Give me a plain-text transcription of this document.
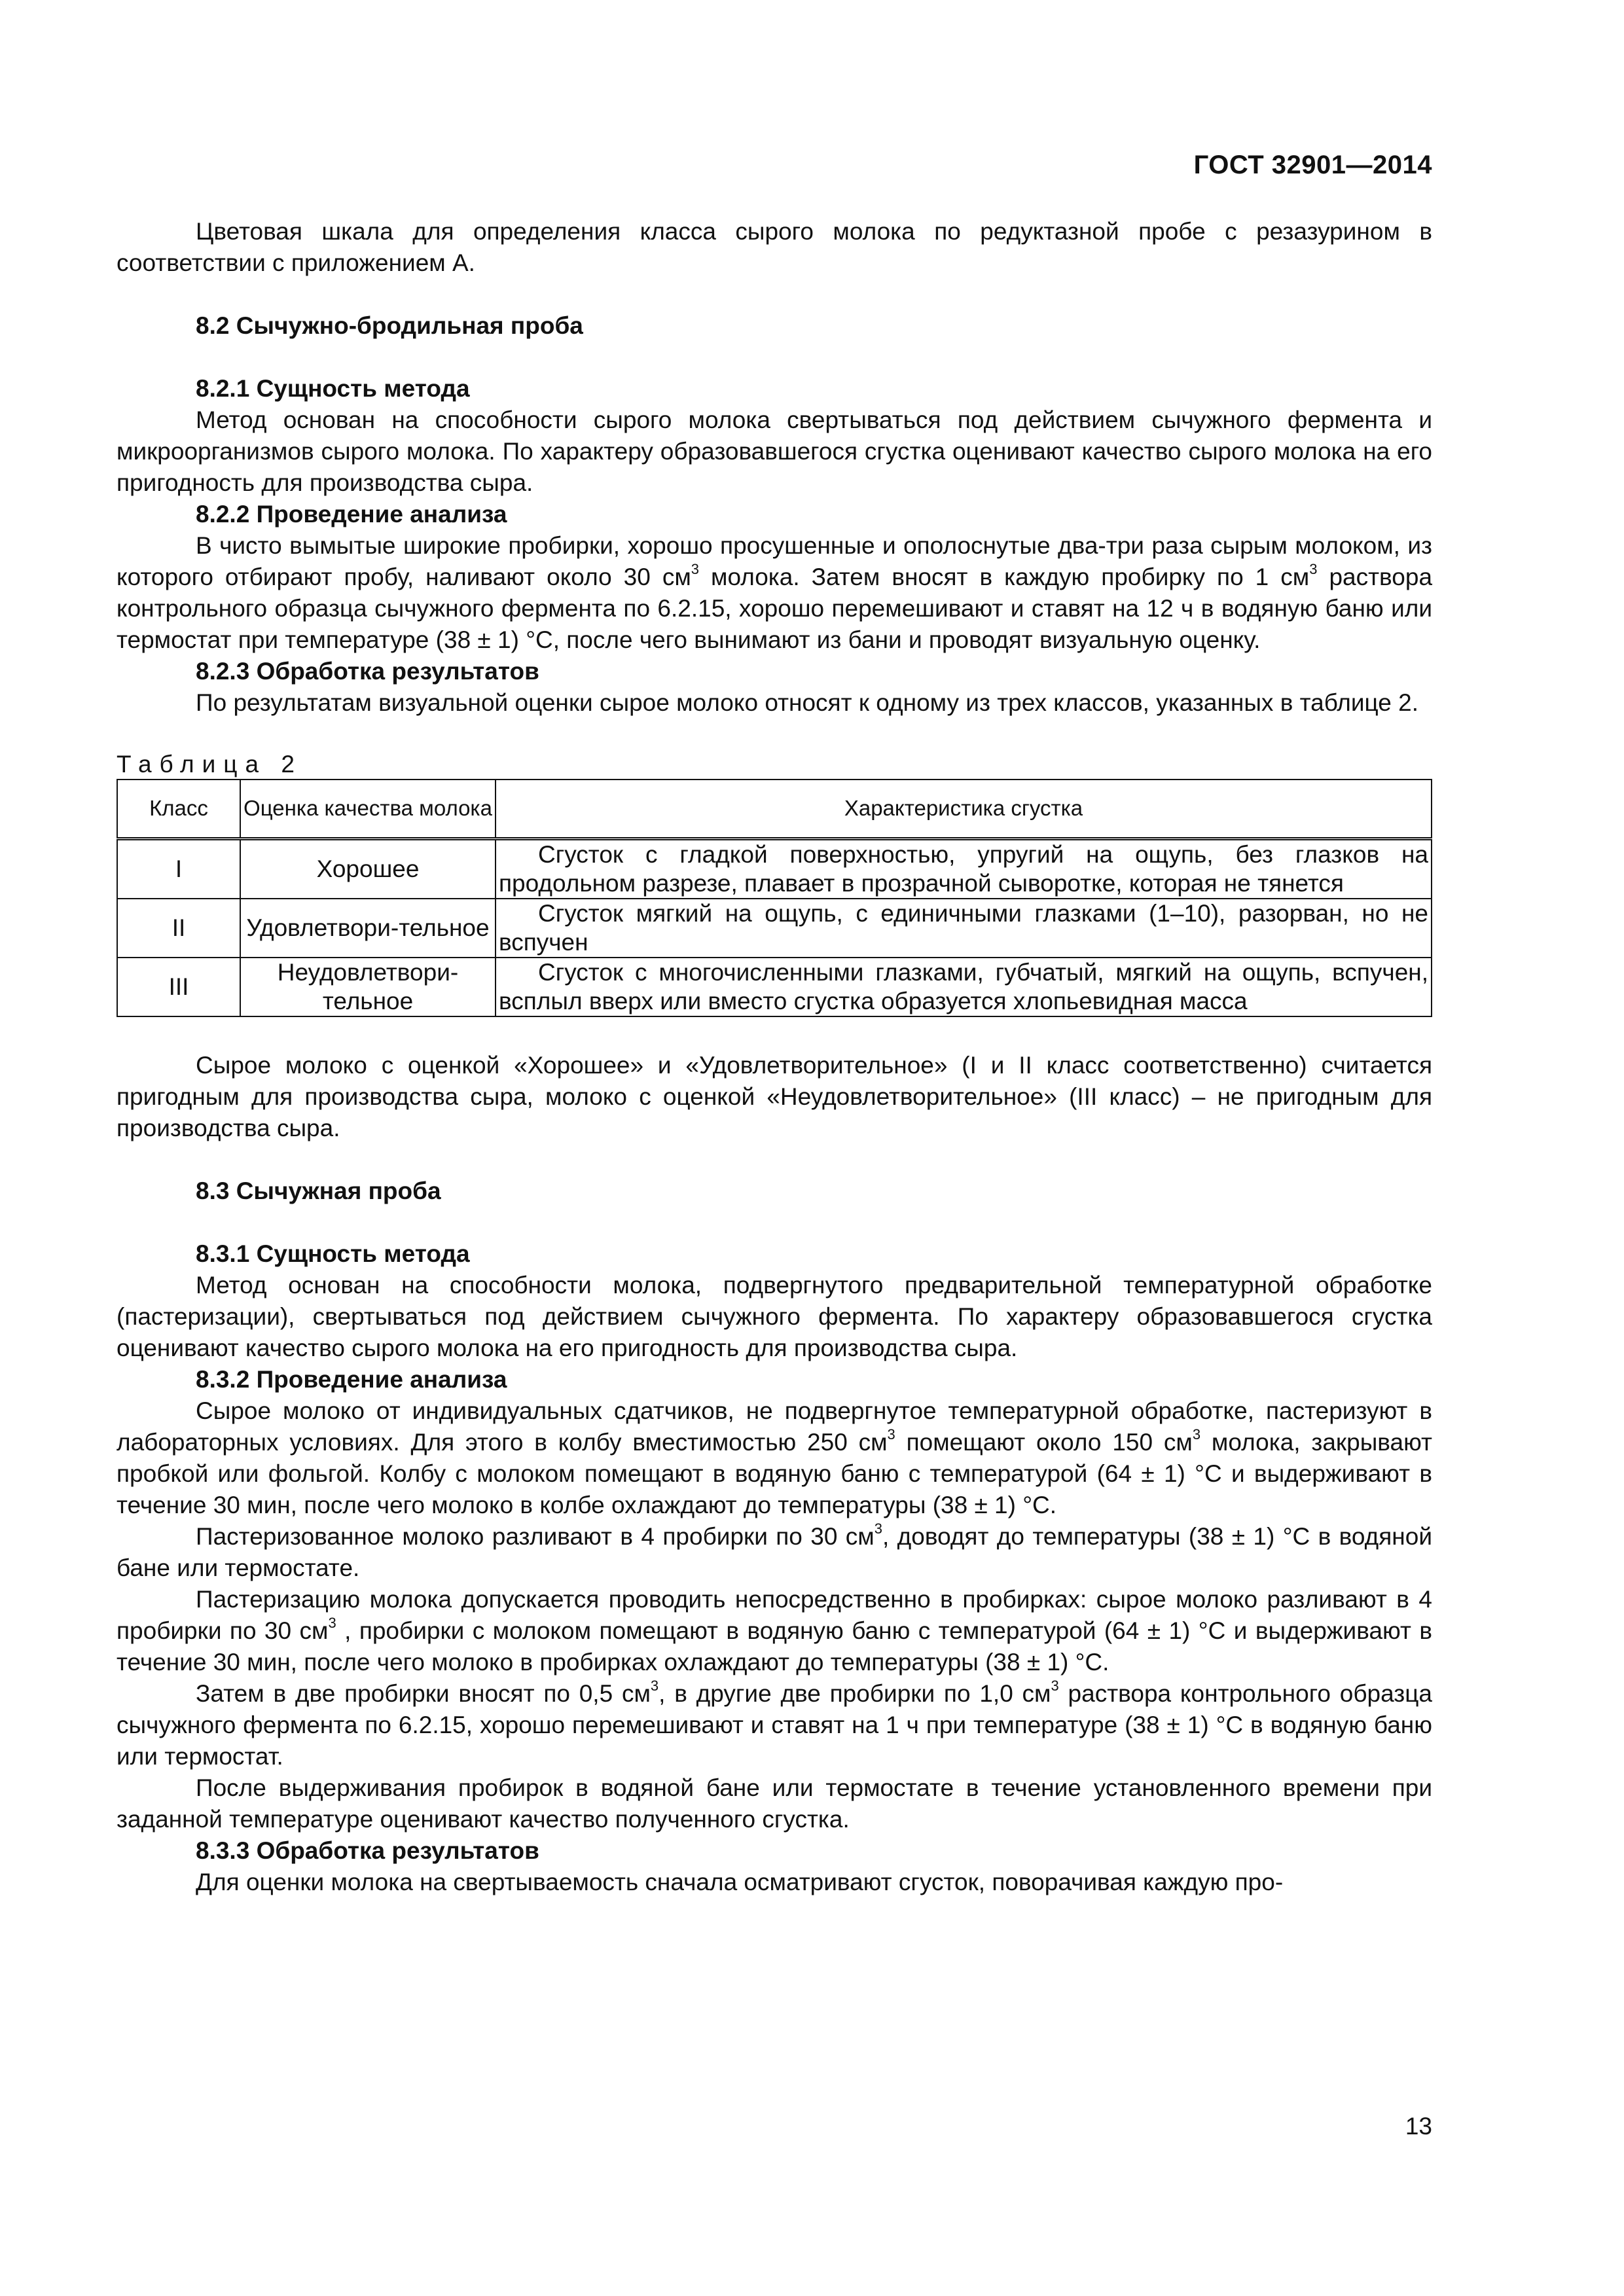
ГОСТ 32901—2014

Цветовая шкала для определения класса сырого молока по редуктазной пробе с резазурином в соответствии с приложением А.

8.2 Сычужно-бродильная проба
8.2.1 Сущность метода

Метод основан на способности сырого молока свертываться под действием сычужного фермента и микроорганизмов сырого молока. По характеру образовавшегося сгустка оценивают качество сырого молока на его пригодность для производства сыра.

8.2.2 Проведение анализа

В чисто вымытые широкие пробирки, хорошо просушенные и ополоснутые два-три раза сырым молоком, из которого отбирают пробу, наливают около 30 $см^3$ молока. Затем вносят в каждую пробирку по 1 $см^3$ раствора контрольного образца сычужного фермента по 6.2.15, хорошо перемешивают и ставят на 12 ч в водяную баню или термостат при температуре (38 ± 1) °С, после чего вынимают из бани и проводят визуальную оценку.

8.2.3 Обработка результатов

По результатам визуальной оценки сырое молоко относят к одному из трех классов, указанных в таблице 2.

Таблица 2
Класс	Оценка качества молока	Характеристика сгустка
I	Хорошее	Сгусток с гладкой поверхностью, упругий на ощупь, без глазков на продольном разрезе, плавает в прозрачной сыворотке, которая не тянется
II	Удовлетвори-тельное	Сгусток мягкий на ощупь, с единичными глазками (1–10), разорван, но не вспучен
III	Неудовлетвори-тельное	Сгусток с многочисленными глазками, губчатый, мягкий на ощупь, вспучен, всплыл вверх или вместо сгустка образуется хлопьевидная масса

Сырое молоко с оценкой «Хорошее» и «Удовлетворительное» (I и II класс соответственно) считается пригодным для производства сыра, молоко с оценкой «Неудовлетворительное» (III класс) – не пригодным для производства сыра.

8.3 Сычужная проба
8.3.1 Сущность метода

Метод основан на способности молока, подвергнутого предварительной температурной обработке (пастеризации), свертываться под действием сычужного фермента. По характеру образовавшегося сгустка оценивают качество сырого молока на его пригодность для производства сыра.

8.3.2 Проведение анализа

Сырое молоко от индивидуальных сдатчиков, не подвергнутое температурной обработке, пастеризуют в лабораторных условиях. Для этого в колбу вместимостью 250 $см^3$ помещают около 150 $см^3$ молока, закрывают пробкой или фольгой. Колбу с молоком помещают в водяную баню с температурой (64 ± 1) °С и выдерживают в течение 30 мин, после чего молоко в колбе охлаждают до температуры (38 ± 1) °С.

Пастеризованное молоко разливают в 4 пробирки по 30 $см^3$, доводят до температуры (38 ± 1) °С в водяной бане или термостате.

Пастеризацию молока допускается проводить непосредственно в пробирках: сырое молоко разливают в 4 пробирки по 30 $см^3$ , пробирки с молоком помещают в водяную баню с температурой (64 ± 1) °С и выдерживают в течение 30 мин, после чего молоко в пробирках охлаждают до температуры (38 ± 1) °С.

Затем в две пробирки вносят по 0,5 $см^3$, в другие две пробирки по 1,0 $см^3$ раствора контрольного образца сычужного фермента по 6.2.15, хорошо перемешивают и ставят на 1 ч при температуре (38 ± 1) °С в водяную баню или термостат.

После выдерживания пробирок в водяной бане или термостате в течение установленного времени при заданной температуре оценивают качество полученного сгустка.

8.3.3 Обработка результатов

Для оценки молока на свертываемость сначала осматривают сгусток, поворачивая каждую про-

13
